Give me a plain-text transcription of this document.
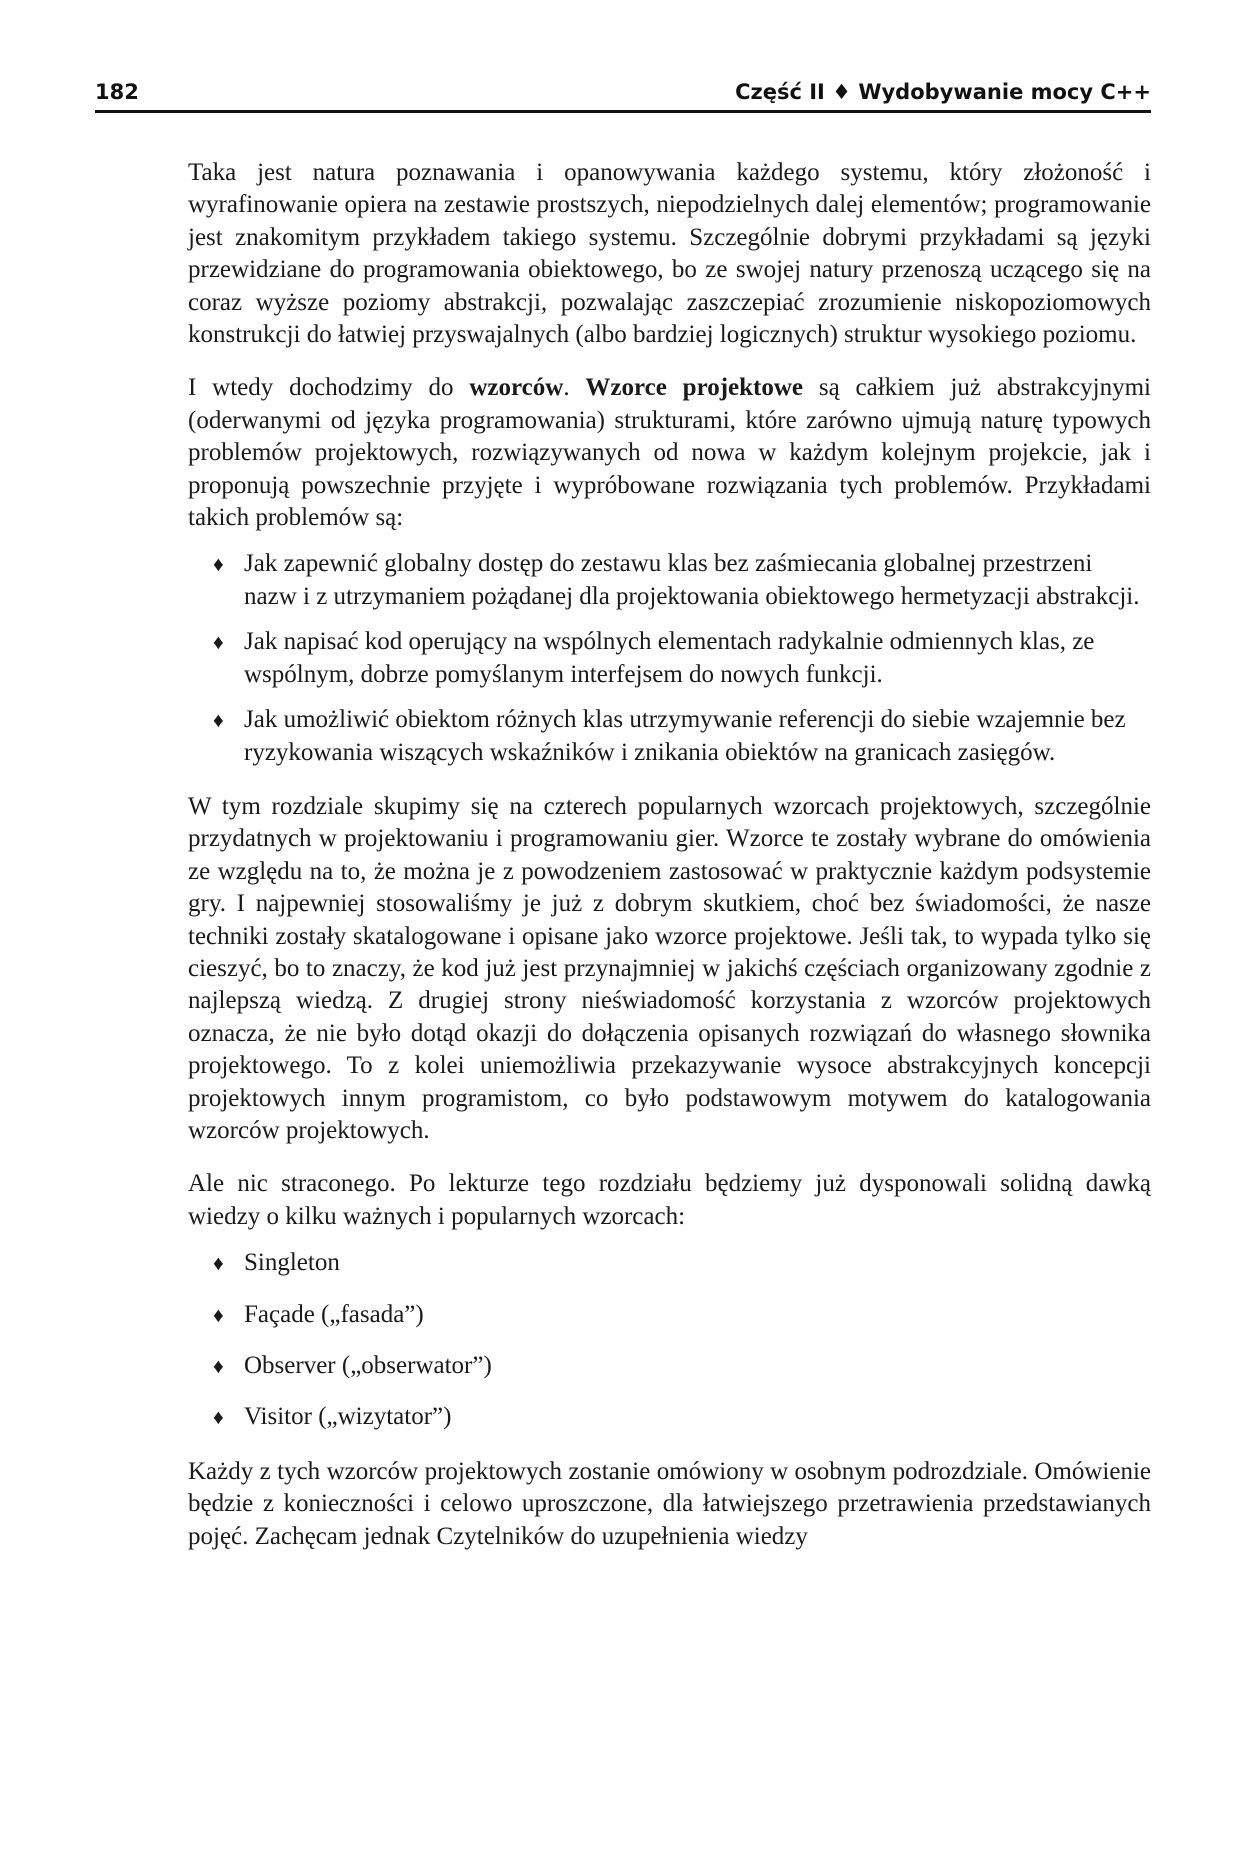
182	Część II ♦ Wydobywanie mocy C++

Taka jest natura poznawania i opanowywania każdego systemu, który złożoność i wyrafinowanie opiera na zestawie prostszych, niepodzielnych dalej elementów; programowanie jest znakomitym przykładem takiego systemu. Szczególnie dobrymi przykładami są języki przewidziane do programowania obiektowego, bo ze swojej natury przenoszą uczącego się na coraz wyższe poziomy abstrakcji, pozwalając zaszczepiać zrozumienie niskopoziomowych konstrukcji do łatwiej przyswajalnych (albo bardziej logicznych) struktur wysokiego poziomu.

I wtedy dochodzimy do wzorców. Wzorce projektowe są całkiem już abstrakcyjnymi (oderwanymi od języka programowania) strukturami, które zarówno ujmują naturę typowych problemów projektowych, rozwiązywanych od nowa w każdym kolejnym projekcie, jak i proponują powszechnie przyjęte i wypróbowane rozwiązania tych problemów. Przykładami takich problemów są:

♦ Jak zapewnić globalny dostęp do zestawu klas bez zaśmiecania globalnej przestrzeni nazw i z utrzymaniem pożądanej dla projektowania obiektowego hermetyzacji abstrakcji.
♦ Jak napisać kod operujący na wspólnych elementach radykalnie odmiennych klas, ze wspólnym, dobrze pomyślanym interfejsem do nowych funkcji.
♦ Jak umożliwić obiektom różnych klas utrzymywanie referencji do siebie wzajemnie bez ryzykowania wiszących wskaźników i znikania obiektów na granicach zasięgów.

W tym rozdziale skupimy się na czterech popularnych wzorcach projektowych, szczególnie przydatnych w projektowaniu i programowaniu gier. Wzorce te zostały wybrane do omówienia ze względu na to, że można je z powodzeniem zastosować w praktycznie każdym podsystemie gry. I najpewniej stosowaliśmy je już z dobrym skutkiem, choć bez świadomości, że nasze techniki zostały skatalogowane i opisane jako wzorce projektowe. Jeśli tak, to wypada tylko się cieszyć, bo to znaczy, że kod już jest przynajmniej w jakichś częściach organizowany zgodnie z najlepszą wiedzą. Z drugiej strony nieświadomość korzystania z wzorców projektowych oznacza, że nie było dotąd okazji do dołączenia opisanych rozwiązań do własnego słownika projektowego. To z kolei uniemożliwia przekazywanie wysoce abstrakcyjnych koncepcji projektowych innym programistom, co było podstawowym motywem do katalogowania wzorców projektowych.

Ale nic straconego. Po lekturze tego rozdziału będziemy już dysponowali solidną dawką wiedzy o kilku ważnych i popularnych wzorcach:

♦ Singleton
♦ Façade („fasada”)
♦ Observer („obserwator”)
♦ Visitor („wizytator”)

Każdy z tych wzorców projektowych zostanie omówiony w osobnym podrozdziale. Omówienie będzie z konieczności i celowo uproszczone, dla łatwiejszego przetrawienia przedstawianych pojęć. Zachęcam jednak Czytelników do uzupełnienia wiedzy
